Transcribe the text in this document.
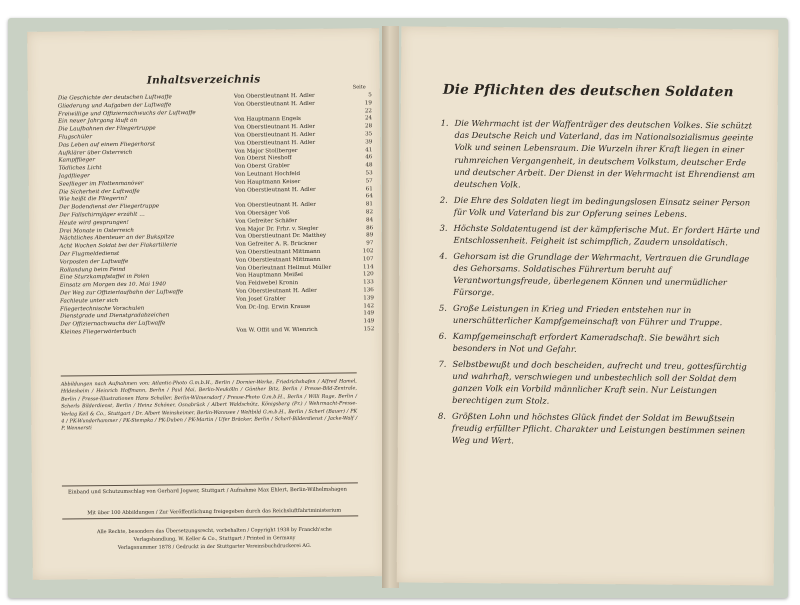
Inhaltsverzeichnis
Seite
Die Geschichte der deutschen Luftwaffe	Von Oberstleutnant H. Adler	5
Gliederung und Aufgaben der Luftwaffe	Von Oberstleutnant H. Adler	19
Freiwillige und Offiziernachwuchs der Luftwaffe	22
Ein neuer Jahrgang läuft an	Von Hauptmann Engels	24
Die Laufbahnen der Fliegertruppe	Von Oberstleutnant H. Adler	28
Flugschüler	Von Oberstleutnant H. Adler	35
Das Leben auf einem Fliegerhorst	Von Oberstleutnant H. Adler	39
Aufklärer über Österreich	Von Major Stollberger	41
Kampfflieger	Von Oberst Nieshoff	46
Tödliches Licht	Von Oberst Grabler	48
Jagdflieger	Von Leutnant Hochfeld	53
Seeflieger im Flottenmanöver	Von Hauptmann Keiser	57
Die Sicherheit der Luftwaffe	Von Oberstleutnant H. Adler	61
Wie heißt die Fliegerin?	64
Der Bodendienst der Fliegertruppe	Von Oberstleutnant H. Adler	81
Der Fallschirmjäger erzählt …	Von Obersäger Voß	82
Heute wird gesprungen!	Von Gefreiter Schäfer	84
Drei Monate in Österreich	Von Major Dr. Frhr. v. Siegler	86
Nächtliches Abenteuer an der Bukspitze	Von Oberstleutnant Dr. Matthey	89
Acht Wochen Soldat bei der Flakartillerie	Von Gefreiter A. R. Brückner	97
Der Flugmeldedienst	Von Oberstleutnant Mittmann	102
Vorposten der Luftwaffe	Von Oberstleutnant Mittmann	107
Rollandung beim Feind	Von Oberleutnant Hellmut Müller	114
Eine Sturzkampfstaffel in Polen	Von Hauptmann Meißel	120
Einsatz am Morgen des 10. Mai 1940	Von Feldwebel Kronin	133
Der Weg zur Offizierlaufbahn der Luftwaffe	Von Oberstleutnant H. Adler	136
Fachleute unter sich	Von Josef Grabler	139
Fliegertechnische Vorschulen	Von Dr.-Ing. Erwin Krause	142
Dienstgrade und Dienstgradabzeichen	149
Der Offiziernachwuchs der Luftwaffe	149
Kleines Fliegerwörterbuch	Von W. Offit und W. Wienrich	152
Abbildungen nach Aufnahmen von: Atlantic-Photo G.m.b.H., Berlin / Dornier-Werke, Friedrichshafen / Alfred Hamel, Hildesheim / Heinrich Hoffmann, Berlin / Paul Mai, Berlin-Neukölln / Günther Bitz, Berlin / Presse-Bild-Zentrale, Berlin / Presse-Illustrationen Hans Schaller, Berlin-Wilmersdorf / Presse-Photo G.m.b.H., Berlin / Willi Ruge, Berlin / Scherls Bilderdienst, Berlin / Heinz Schöner, Osnabrück / Albert Waldschütz, Königsberg (Pr.) / Wehrmacht-Presse-Verlag Keil & Co., Stuttgart / Dr. Albert Weinsheimer, Berlin-Wannsee / Weltbild G.m.b.H., Berlin / Scherl (Bauer) / PK 4 / PK-Wunderhammer / PK-Stempka / PK-Duben / PK-Martin / Ufer Bräcker, Berlin / Scherl-Bilderdienst / Jacke-Walf / P. Wennersti
Einband und Schutzumschlag von Gerhard Jogwer, Stuttgart / Aufnahme Max Ehlert, Berlin-Wilhelmshagen
Mit über 100 Abbildungen / Zur Veröffentlichung freigegeben durch das Reichsluftfahrtministerium
Alle Rechte, besonders das Übersetzungsrecht, vorbehalten / Copyright 1938 by Franckh'sche
Verlagshandlung, W. Keller & Co., Stuttgart / Printed in Germany
Verlagsnummer 1878 / Gedruckt in der Stuttgarter Vereinsbuchdruckerei AG.
Die Pflichten des deutschen Soldaten
1. Die Wehrmacht ist der Waffenträger des deutschen Volkes. Sie schützt das Deutsche Reich und Vaterland, das im Nationalsozialismus geeinte Volk und seinen Lebensraum. Die Wurzeln ihrer Kraft liegen in einer ruhmreichen Vergangenheit, in deutschem Volkstum, deutscher Erde und deutscher Arbeit. Der Dienst in der Wehrmacht ist Ehrendienst am deutschen Volk.
2. Die Ehre des Soldaten liegt im bedingungslosen Einsatz seiner Person für Volk und Vaterland bis zur Opferung seines Lebens.
3. Höchste Soldatentugend ist der kämpferische Mut. Er fordert Härte und Entschlossenheit. Feigheit ist schimpflich, Zaudern unsoldatisch.
4. Gehorsam ist die Grundlage der Wehrmacht, Vertrauen die Grundlage des Gehorsams. Soldatisches Führertum beruht auf Verantwortungsfreude, überlegenem Können und unermüdlicher Fürsorge.
5. Große Leistungen in Krieg und Frieden entstehen nur in unerschütterlicher Kampfgemeinschaft von Führer und Truppe.
6. Kampfgemeinschaft erfordert Kameradschaft. Sie bewährt sich besonders in Not und Gefahr.
7. Selbstbewußt und doch bescheiden, aufrecht und treu, gottesfürchtig und wahrhaft, verschwiegen und unbestechlich soll der Soldat dem ganzen Volk ein Vorbild männlicher Kraft sein. Nur Leistungen berechtigen zum Stolz.
8. Größten Lohn und höchstes Glück findet der Soldat im Bewußtsein freudig erfüllter Pflicht. Charakter und Leistungen bestimmen seinen Weg und Wert.
